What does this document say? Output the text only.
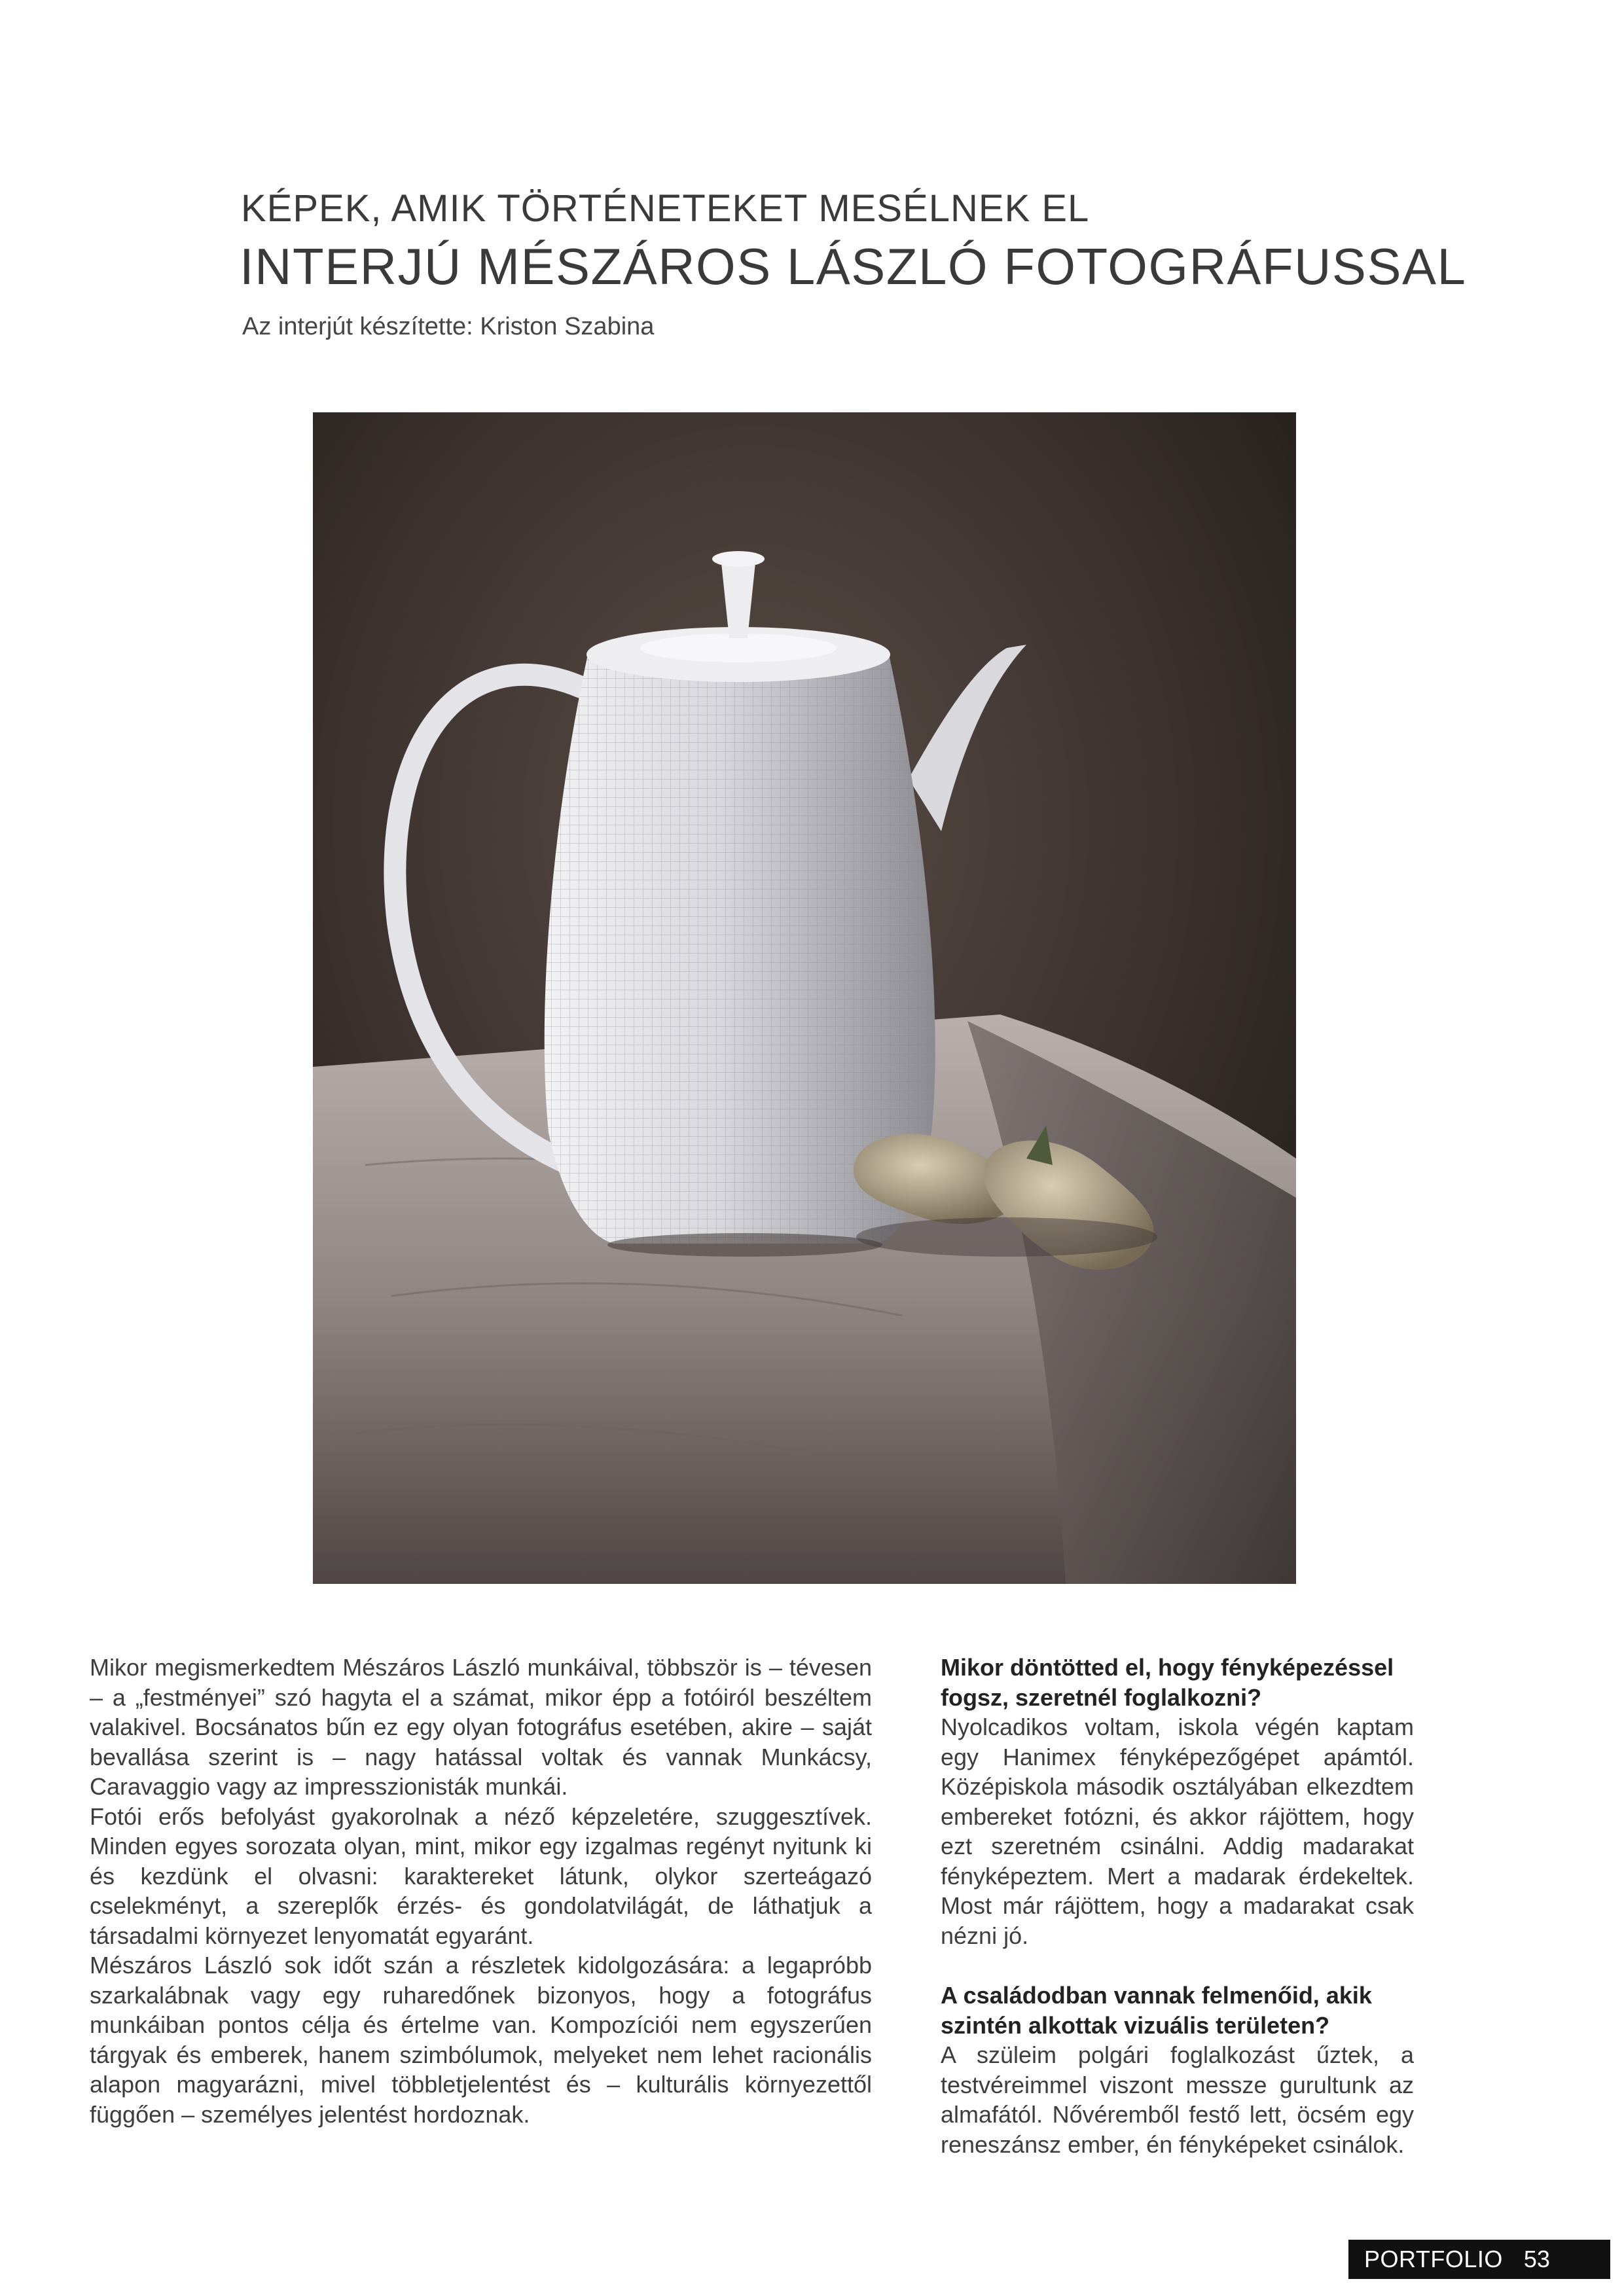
KÉPEK, AMIK TÖRTÉNETEKET MESÉLNEK EL
INTERJÚ MÉSZÁROS LÁSZLÓ FOTOGRÁFUSSAL
Az interjút készítette: Kriston Szabina

Mikor megismerkedtem Mészáros László munkáival, többször is – tévesen – a „festményei” szó hagyta el a számat, mikor épp a fotóiról beszéltem valakivel. Bocsánatos bűn ez egy olyan fotográfus esetében, akire – saját bevallása szerint is – nagy hatással voltak és vannak Munkácsy, Caravaggio vagy az impresszionisták munkái.

Fotói erős befolyást gyakorolnak a néző képzeletére, szuggesztívek. Minden egyes sorozata olyan, mint, mikor egy izgalmas regényt nyitunk ki és kezdünk el olvasni: karaktereket látunk, olykor szerteágazó cselekményt, a szereplők érzés- és gondolatvilágát, de láthatjuk a társadalmi környezet lenyomatát egyaránt.

Mészáros László sok időt szán a részletek kidolgozására: a legapróbb szarkalábnak vagy egy ruharedőnek bizonyos, hogy a fotográfus munkáiban pontos célja és értelme van. Kompozíciói nem egyszerűen tárgyak és emberek, hanem szimbólumok, melyeket nem lehet racionális alapon magyarázni, mivel többletjelentést és – kulturális környezettől függően – személyes jelentést hordoznak.

Mikor döntötted el, hogy fényképezéssel fogsz, szeretnél foglalkozni?

Nyolcadikos voltam, iskola végén kaptam egy Hanimex fényképezőgépet apámtól. Középiskola második osztályában elkezdtem embereket fotózni, és akkor rájöttem, hogy ezt szeretném csinálni. Addig madarakat fényképeztem. Mert a madarak érdekeltek. Most már rájöttem, hogy a madarakat csak nézni jó.

A családodban vannak felmenőid, akik szintén alkottak vizuális területen?

A szüleim polgári foglalkozást űztek, a testvéreimmel viszont messze gurultunk az almafától. Nővéremből festő lett, öcsém egy reneszánsz ember, én fényképeket csinálok.

PORTFOLIO 53
